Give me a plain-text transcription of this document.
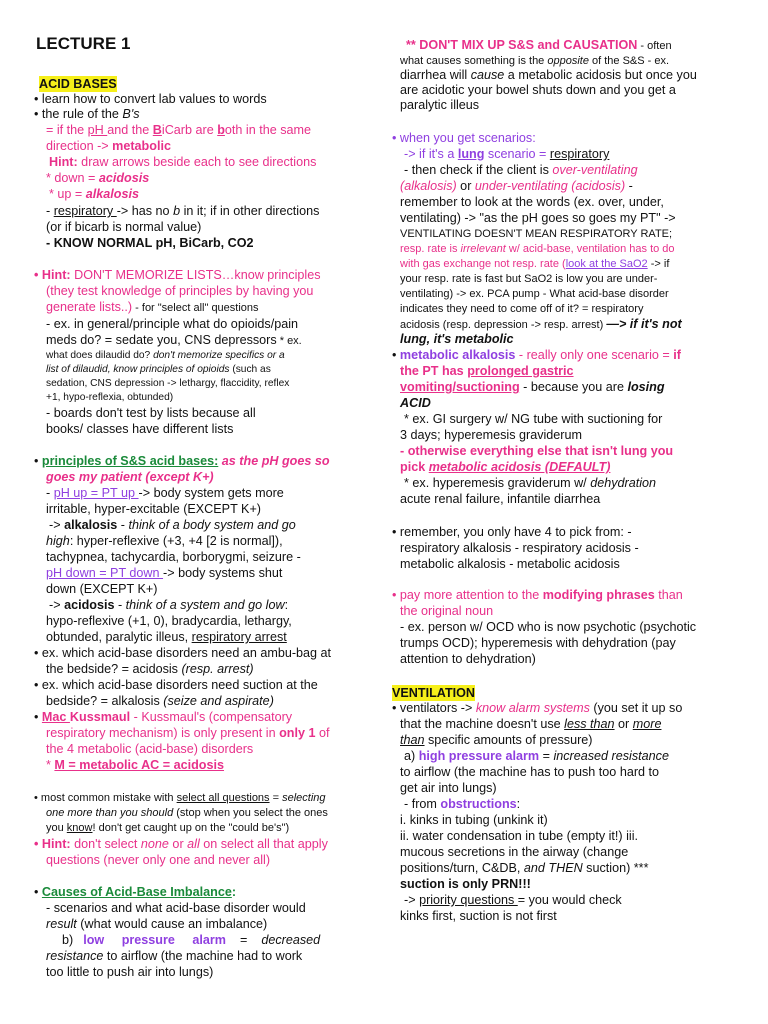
LECTURE 1
ACID BASES
• learn how to convert lab values to words
• the rule of the B's
= if the pH and the BiCarb are both in the same
direction -> metabolic
Hint: draw arrows beside each to see directions
* down = acidosis
* up = alkalosis
- respiratory -> has no b in it; if in other directions
(or if bicarb is normal value)
- KNOW NORMAL pH, BiCarb, CO2
• Hint: DON'T MEMORIZE LISTS…know principles
(they test knowledge of principles by having you
generate lists..) - for "select all" questions
- ex. in general/principle what do opioids/pain
meds do? = sedate you, CNS depressors * ex.
what does dilaudid do? don't memorize specifics or a
list of dilaudid, know principles of opioids (such as
sedation, CNS depression -> lethargy, flaccidity, reflex
+1, hypo-reflexia, obtunded)
- boards don't test by lists because all
books/ classes have different lists
• principles of S&S acid bases: as the pH goes so
goes my patient (except K+)
- pH up = PT up -> body system gets more
irritable, hyper-excitable (EXCEPT K+)
-> alkalosis - think of a body system and go
high: hyper-reflexive (+3, +4 [2 is normal]),
tachypnea, tachycardia, borborygmi, seizure -
pH down = PT down -> body systems shut
down (EXCEPT K+)
-> acidosis - think of a system and go low:
hypo-reflexive (+1, 0), bradycardia, lethargy,
obtunded, paralytic illeus, respiratory arrest
• ex. which acid-base disorders need an ambu-bag at
the bedside? = acidosis (resp. arrest)
• ex. which acid-base disorders need suction at the
bedside? = alkalosis (seize and aspirate)
• Mac Kussmaul - Kussmaul's (compensatory
respiratory mechanism) is only present in only 1 of
the 4 metabolic (acid-base) disorders
* M = metabolic AC = acidosis
• most common mistake with select all questions = selecting
one more than you should (stop when you select the ones
you know! don't get caught up on the "could be's")
• Hint: don't select none or all on select all that apply
questions (never only one and never all)
• Causes of Acid-Base Imbalance:
- scenarios and what acid-base disorder would
result (what would cause an imbalance)
b) low pressure alarm = decreased
resistance to airflow (the machine had to work
too little to push air into lungs)
** DON'T MIX UP S&S and CAUSATION - often
what causes something is the opposite of the S&S - ex.
diarrhea will cause a metabolic acidosis but once you
are acidotic your bowel shuts down and you get a
paralytic illeus
• when you get scenarios:
-> if it's a lung scenario = respiratory
- then check if the client is over-ventilating
(alkalosis) or under-ventilating (acidosis) -
remember to look at the words (ex. over, under,
ventilating) -> "as the pH goes so goes my PT" ->
VENTILATING DOESN'T MEAN RESPIRATORY RATE;
resp. rate is irrelevant w/ acid-base, ventilation has to do
with gas exchange not resp. rate (look at the SaO2 -> if
your resp. rate is fast but SaO2 is low you are under-
ventilating) -> ex. PCA pump - What acid-base disorder
indicates they need to come off of it? = respiratory
acidosis (resp. depression -> resp. arrest) —> if it's not
lung, it's metabolic
• metabolic alkalosis - really only one scenario = if
the PT has prolonged gastric
vomiting/suctioning - because you are losing
ACID
* ex. GI surgery w/ NG tube with suctioning for
3 days; hyperemesis graviderum
- otherwise everything else that isn't lung you
pick metabolic acidosis (DEFAULT)
* ex. hyperemesis graviderum w/ dehydration
acute renal failure, infantile diarrhea
• remember, you only have 4 to pick from: -
respiratory alkalosis - respiratory acidosis -
metabolic alkalosis - metabolic acidosis
• pay more attention to the modifying phrases than
the original noun
- ex. person w/ OCD who is now psychotic (psychotic
trumps OCD); hyperemesis with dehydration (pay
attention to dehydration)
VENTILATION
• ventilators -> know alarm systems (you set it up so
that the machine doesn't use less than or more
than specific amounts of pressure)
a) high pressure alarm = increased resistance
to airflow (the machine has to push too hard to
get air into lungs)
- from obstructions:
i. kinks in tubing (unkink it)
ii. water condensation in tube (empty it!) iii.
mucous secretions in the airway (change
positions/turn, C&DB, and THEN suction) ***
suction is only PRN!!!
-> priority questions = you would check
kinks first, suction is not first
